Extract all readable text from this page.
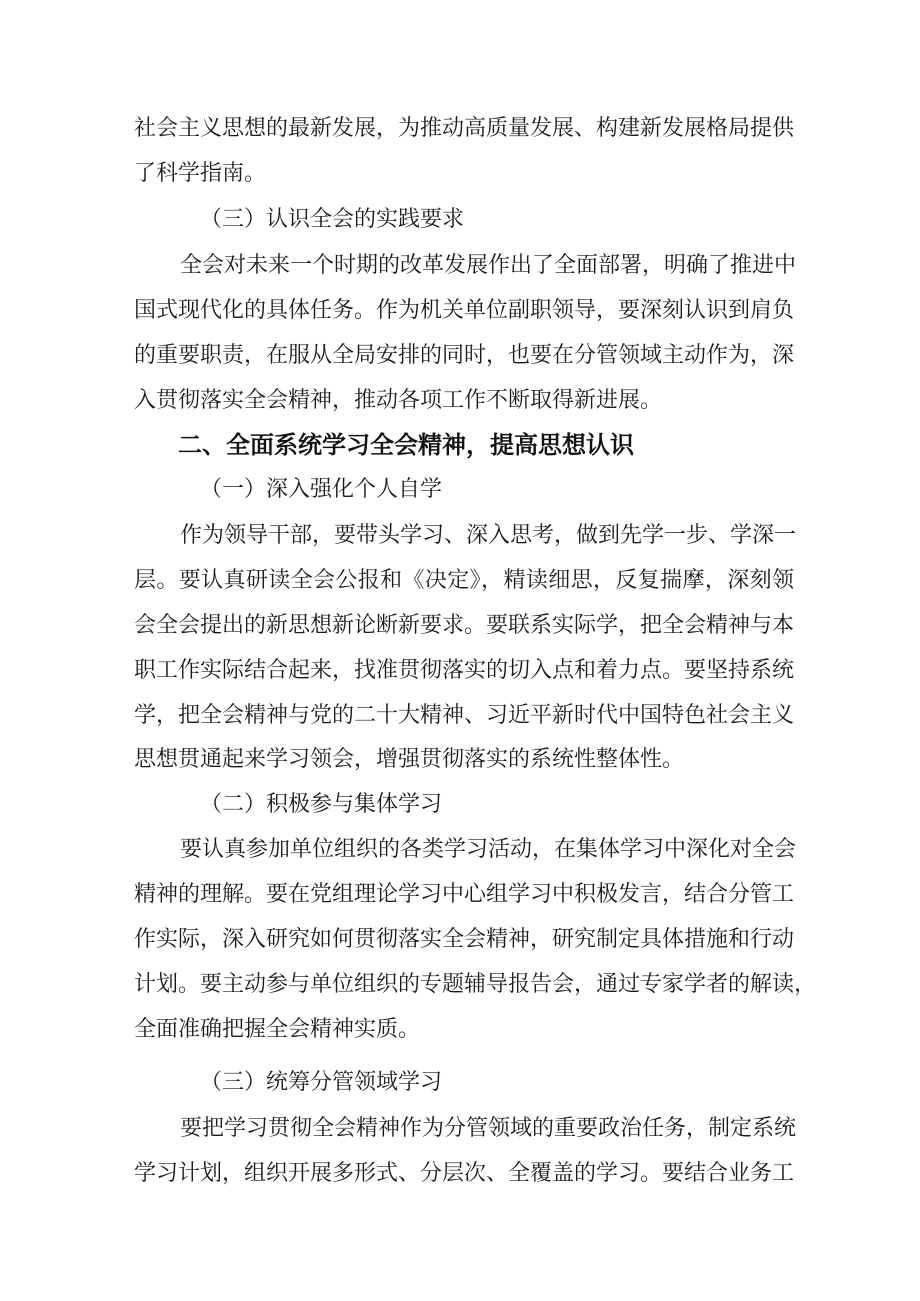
社会主义思想的最新发展，为推动高质量发展、构建新发展格局提供
了科学指南。
（三）认识全会的实践要求
全会对未来一个时期的改革发展作出了全面部署，明确了推进中
国式现代化的具体任务。作为机关单位副职领导，要深刻认识到肩负
的重要职责，在服从全局安排的同时，也要在分管领域主动作为，深
入贯彻落实全会精神，推动各项工作不断取得新进展。
二、全面系统学习全会精神，提高思想认识
（一）深入强化个人自学
作为领导干部，要带头学习、深入思考，做到先学一步、学深一
层。要认真研读全会公报和《决定》，精读细思，反复揣摩，深刻领
会全会提出的新思想新论断新要求。要联系实际学，把全会精神与本
职工作实际结合起来，找准贯彻落实的切入点和着力点。要坚持系统
学，把全会精神与党的二十大精神、习近平新时代中国特色社会主义
思想贯通起来学习领会，增强贯彻落实的系统性整体性。
（二）积极参与集体学习
要认真参加单位组织的各类学习活动，在集体学习中深化对全会
精神的理解。要在党组理论学习中心组学习中积极发言，结合分管工
作实际，深入研究如何贯彻落实全会精神，研究制定具体措施和行动
计划。要主动参与单位组织的专题辅导报告会，通过专家学者的解读，
全面准确把握全会精神实质。
（三）统筹分管领域学习
要把学习贯彻全会精神作为分管领域的重要政治任务，制定系统
学习计划，组织开展多形式、分层次、全覆盖的学习。要结合业务工
